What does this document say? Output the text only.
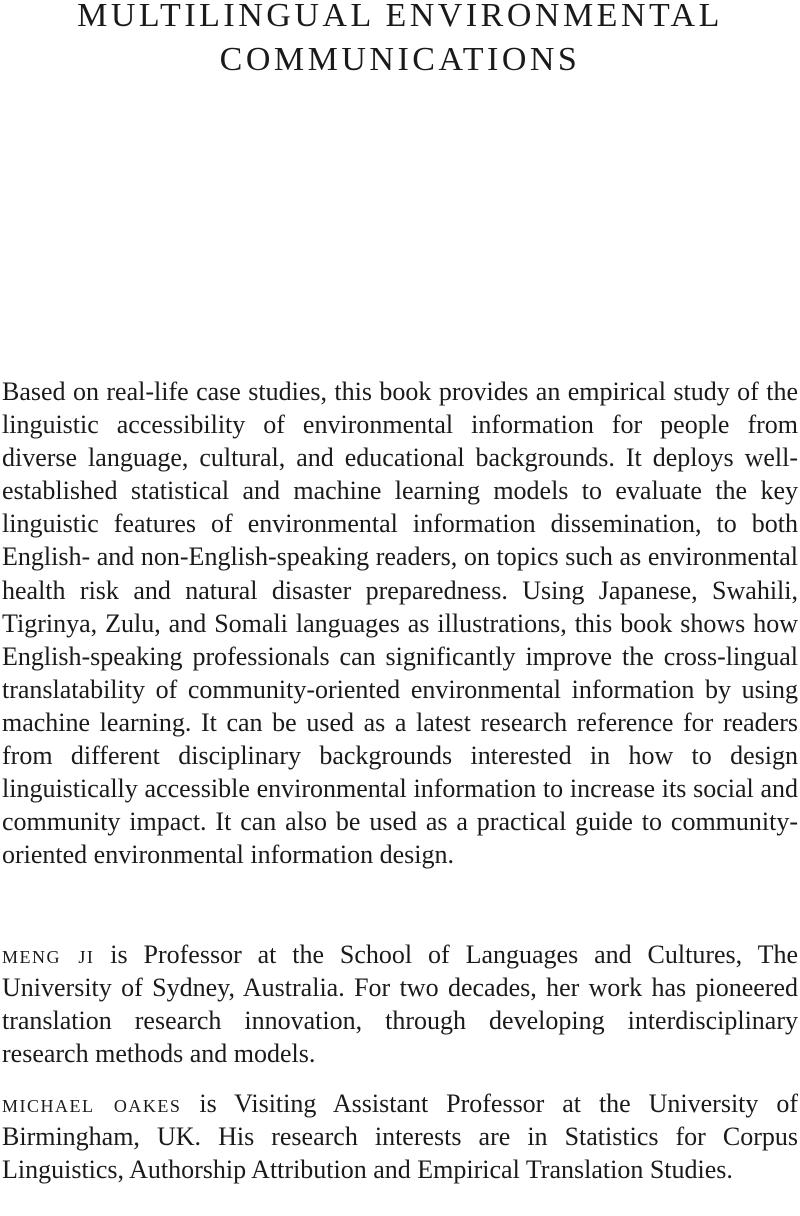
MULTILINGUAL ENVIRONMENTAL
COMMUNICATIONS

Based on real-life case studies, this book provides an empirical study of the linguistic accessibility of environmental information for people from diverse language, cultural, and educational backgrounds. It deploys well-established statistical and machine learning models to evaluate the key linguistic features of environmental information dissemination, to both English- and non-English-speaking readers, on topics such as environmental health risk and natural disaster preparedness. Using Japanese, Swahili, Tigrinya, Zulu, and Somali languages as illustrations, this book shows how English-speaking professionals can significantly improve the cross-lingual translatability of community-oriented environmental information by using machine learning. It can be used as a latest research reference for readers from different disciplinary backgrounds interested in how to design linguistically accessible environmental information to increase its social and community impact. It can also be used as a practical guide to community-oriented environmental information design.

meng ji is Professor at the School of Languages and Cultures, The University of Sydney, Australia. For two decades, her work has pioneered translation research innovation, through developing interdisciplinary research methods and models.

michael oakes is Visiting Assistant Professor at the University of Birmingham, UK. His research interests are in Statistics for Corpus Linguistics, Authorship Attribution and Empirical Translation Studies.
